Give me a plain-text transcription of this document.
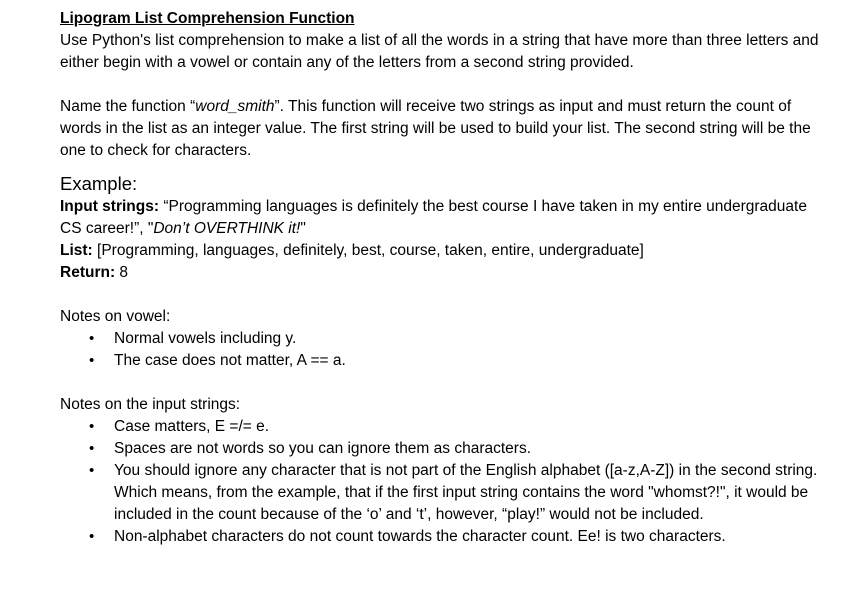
Lipogram List Comprehension Function

Use Python's list comprehension to make a list of all the words in a string that have more than three letters and either begin with a vowel or contain any of the letters from a second string provided.

Name the function “word_smith”. This function will receive two strings as input and must return the count of words in the list as an integer value. The first string will be used to build your list. The second string will be the one to check for characters.

Example:

Input strings: “Programming languages is definitely the best course I have taken in my entire undergraduate CS career!”, "Don’t OVERTHINK it!"

List: [Programming, languages, definitely, best, course, taken, entire, undergraduate]

Return: 8

Notes on vowel:

• Normal vowels including y.
• The case does not matter, A == a.

Notes on the input strings:

• Case matters, E =/= e.
• Spaces are not words so you can ignore them as characters.
• You should ignore any character that is not part of the English alphabet ([a-z,A-Z]) in the second string. Which means, from the example, that if the first input string contains the word "whomst?!", it would be included in the count because of the ‘o’ and ‘t’, however, “play!” would not be included.
• Non-alphabet characters do not count towards the character count. Ee! is two characters.
